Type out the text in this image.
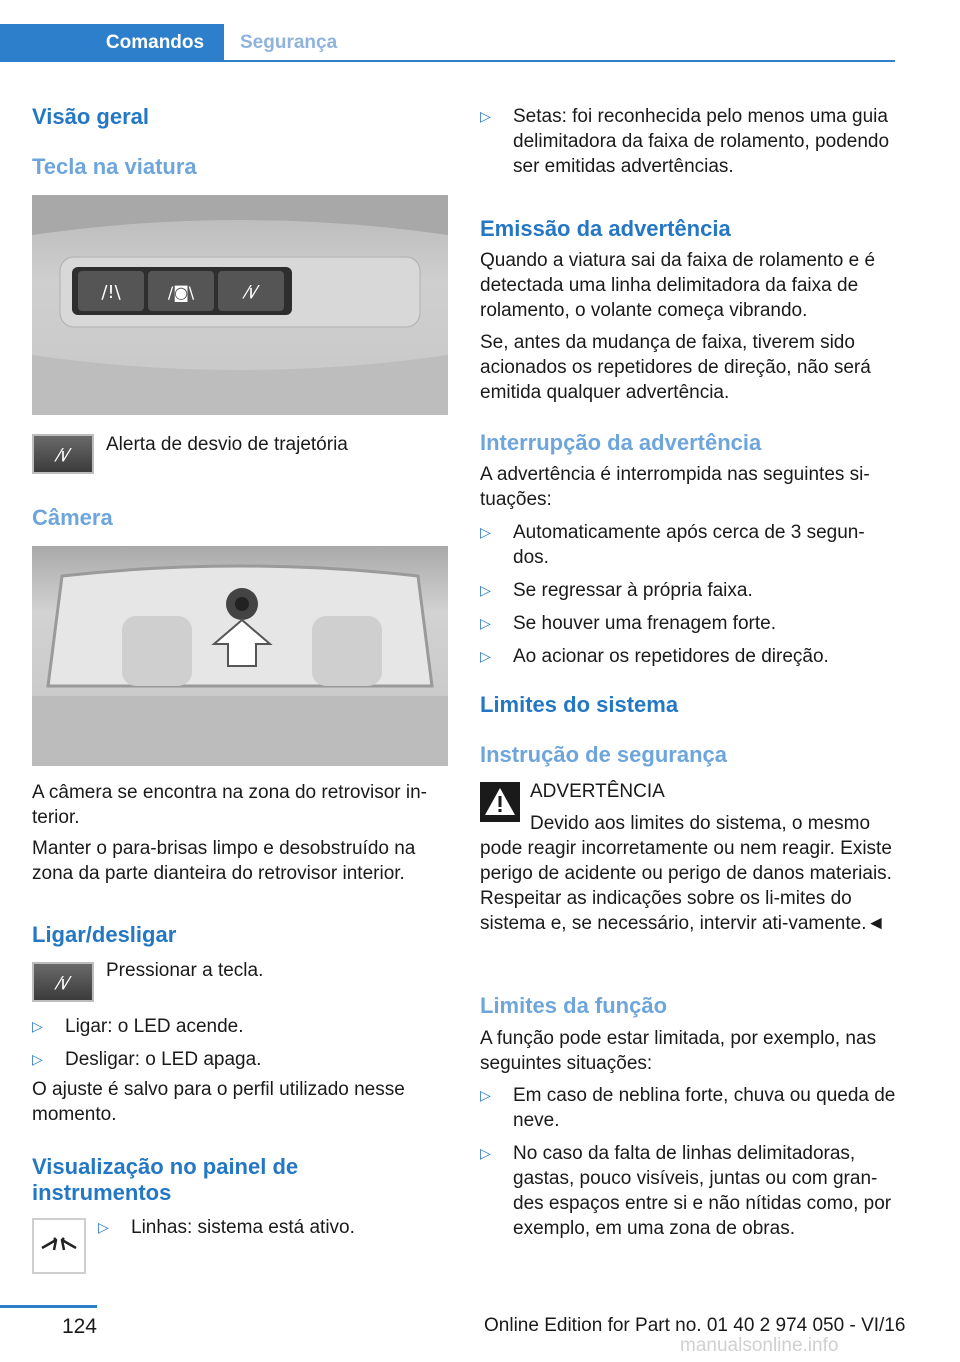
Comandos Segurança

Visão geral

Tecla na viatura

/!\	/◙\	⁄ı⁄
⁄ı⁄

Alerta de desvio de trajetória

Câmera

A câmera se encontra na zona do retrovisor in-terior.

Manter o para-brisas limpo e desobstruído na zona da parte dianteira do retrovisor interior.

Ligar/desligar

⁄ı⁄

Pressionar a tecla.

▷	Ligar: o LED acende.
▷	Desligar: o LED apaga.

O ajuste é salvo para o perfil utilizado nesse momento.

Visualização no painel de instrumentos

▷	Linhas: sistema está ativo.
▷	Setas: foi reconhecida pelo menos uma guia delimitadora da faixa de rolamento, podendo ser emitidas advertências.

Emissão da advertência

Quando a viatura sai da faixa de rolamento e é detectada uma linha delimitadora da faixa de rolamento, o volante começa vibrando.

Se, antes da mudança de faixa, tiverem sido acionados os repetidores de direção, não será emitida qualquer advertência.

Interrupção da advertência

A advertência é interrompida nas seguintes si-tuações:

▷	Automaticamente após cerca de 3 segun-dos.
▷	Se regressar à própria faixa.
▷	Se houver uma frenagem forte.
▷	Ao acionar os repetidores de direção.

Limites do sistema

Instrução de segurança

ADVERTÊNCIA

Devido aos limites do sistema, o mesmo pode reagir incorretamente ou nem reagir. Existe perigo de acidente ou perigo de danos materiais. Respeitar as indicações sobre os li-mites do sistema e, se necessário, intervir ati-vamente.◄

Limites da função

A função pode estar limitada, por exemplo, nas seguintes situações:

▷	Em caso de neblina forte, chuva ou queda de neve.
▷	No caso da falta de linhas delimitadoras, gastas, pouco visíveis, juntas ou com gran-des espaços entre si e não nítidas como, por exemplo, em uma zona de obras.
124	Online Edition for Part no. 01 40 2 974 050 - VI/16
manualsonline.info
